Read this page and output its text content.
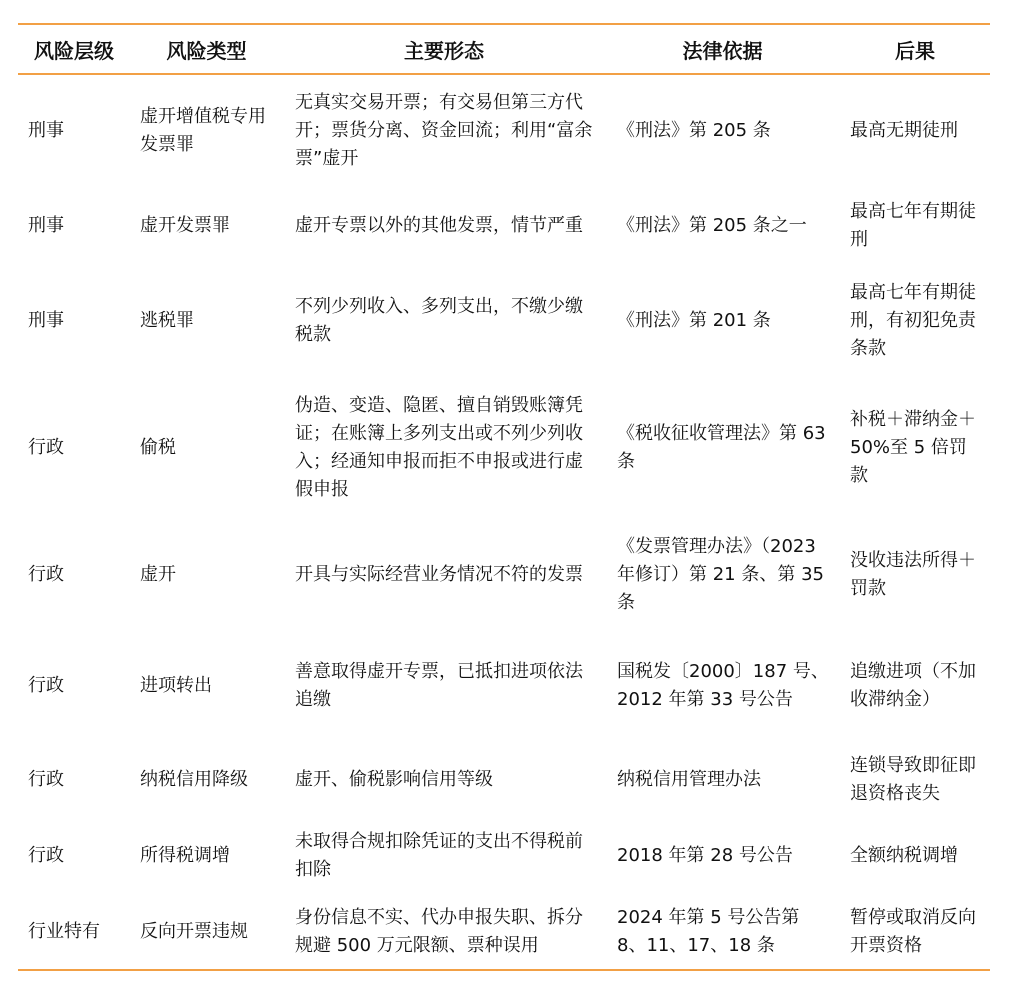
风险层级	风险类型	主要形态	法律依据	后果
刑事	虚开增值税专用发票罪	无真实交易开票；有交易但第三方代开；票货分离、资金回流；利用“富余票”虚开	《刑法》第 205 条	最高无期徒刑
刑事	虚开发票罪	虚开专票以外的其他发票，情节严重	《刑法》第 205 条之一	最高七年有期徒刑
刑事	逃税罪	不列少列收入、多列支出，不缴少缴税款	《刑法》第 201 条	最高七年有期徒刑，有初犯免责条款
行政	偷税	伪造、变造、隐匿、擅自销毁账簿凭证；在账簿上多列支出或不列少列收入；经通知申报而拒不申报或进行虚假申报	《税收征收管理法》第 63 条	补税＋滞纳金＋50%至 5 倍罚款
行政	虚开	开具与实际经营业务情况不符的发票	《发票管理办法》（2023 年修订）第 21 条、第 35 条	没收违法所得＋罚款
行政	进项转出	善意取得虚开专票，已抵扣进项依法追缴	国税发〔2000〕187 号、2012 年第 33 号公告	追缴进项（不加收滞纳金）
行政	纳税信用降级	虚开、偷税影响信用等级	纳税信用管理办法	连锁导致即征即退资格丧失
行政	所得税调增	未取得合规扣除凭证的支出不得税前扣除	2018 年第 28 号公告	全额纳税调增
行业特有	反向开票违规	身份信息不实、代办申报失职、拆分规避 500 万元限额、票种误用	2024 年第 5 号公告第 8、11、17、18 条	暂停或取消反向开票资格
